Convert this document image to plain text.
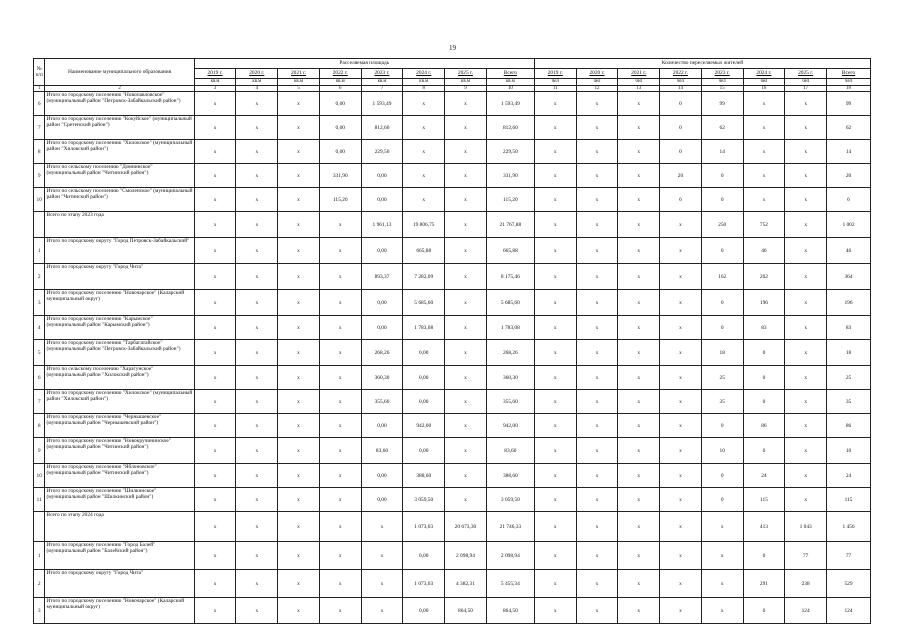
19
№ п/п	Наименование муниципального образования	Расселяемая площадь								Количество переселяемых жителей							
		2019 г.	2020 г.	2021 г.	2022 г.	2023 г.	2024 г.	2025 г.	Всего	2019 г.	2020 г.	2021 г.	2022 г.	2023 г.	2024 г.	2025 г.	Всего
		кв.м	кв.м	кв.м	кв.м	кв.м	кв.м	кв.м	кв.м	чел	чел	чел	чел	чел	чел	чел	чел
1	2	3	4	5	6	7	8	9	10	11	12	13	14	15	16	17	18
6	Итого по городскому поселению "Новопавловское" (муниципальный район "Петровск-Забайкальский район")	x	x	x	0,00	1 593,49	x	x	1 593,49	x	x	x	0	99	x	x	99
7	Итого по городскому поселению "Кокуйское" (муниципальный район "Сретенский район")	x	x	x	0,00	812,60	x	x	812,60	x	x	x	0	62	x	x	62
8	Итого по городскому поселению "Хилокское" (муниципальный район "Хилокский район")	x	x	x	0,00	229,50	x	x	229,50	x	x	x	0	14	x	x	14
9	Итого по сельскому поселению "Домнинское" (муниципальный район "Читинский район")	x	x	x	331,90	0,00	x	x	331,90	x	x	x	20	0	x	x	20
10	Итого по сельскому поселению "Смоленское" (муниципальный район "Читинский район")	x	x	x	115,20	0,00	x	x	115,20	x	x	x	6	0	x	x	6
	Всего по этапу 2023 года	x	x	x	x	1 961,13	19 806,75	x	21 767,88	x	x	x	x	250	752	x	1 002
1	Итого по городскому округу "Город Петровск-Забайкальский"	x	x	x	x	0,00	665,88	x	665,88	x	x	x	x	0	46	x	46
2	Итого по городскому округу "Город Чита"	x	x	x	x	893,37	7 282,09	x	8 175,46	x	x	x	x	162	202	x	364
3	Итого по городскому поселению "Новочарское" (Каларский муниципальный округ)	x	x	x	x	0,00	5 685,60	x	5 685,60	x	x	x	x	0	196	x	196
4	Итого по городскому поселению "Карымское" (муниципальный район "Карымский район")	x	x	x	x	0,00	1 783,08	x	1 783,08	x	x	x	x	0	83	x	83
5	Итого по городскому поселению "Тарбагатайское" (муниципальный район "Петровск-Забайкальский район")	x	x	x	x	268,26	0,00	x	268,26	x	x	x	x	18	0	x	18
6	Итого по сельскому поселению "Харагунское" (муниципальный район "Хилокский район")	x	x	x	x	360,30	0,00	x	360,30	x	x	x	x	25	0	x	25
7	Итого по городскому поселению "Хилокское" (муниципальный район "Хилокский район")	x	x	x	x	355,60	0,00	x	355,60	x	x	x	x	35	0	x	35
8	Итого по городскому поселению "Чернышевское" (муниципальный район "Чернышевский район")	x	x	x	x	0,00	942,00	x	942,00	x	x	x	x	0	86	x	86
9	Итого по городскому поселению "Новокручининское" (муниципальный район "Читинский район")	x	x	x	x	83,60	0,00	x	83,60	x	x	x	x	10	0	x	10
10	Итого по городскому поселению "Яблоновское" (муниципальный район "Читинский район")	x	x	x	x	0,00	388,60	x	388,60	x	x	x	x	0	24	x	24
11	Итого по городскому поселению "Шилкинское" (муниципальный район "Шилкинский район")	x	x	x	x	0,00	3 059,50	x	3 059,50	x	x	x	x	0	115	x	115
	Всего по этапу 2024 года	x	x	x	x	x	1 073,03	20 673,30	21 746,33	x	x	x	x	x	413	1 043	1 456
1	Итого по городскому поселению "Город Балей" (муниципальный район "Балейский район")	x	x	x	x	x	0,00	2 098,94	2 098,94	x	x	x	x	x	0	77	77
2	Итого по городскому округу "Город Чита"	x	x	x	x	x	1 073,03	4 382,31	5 455,34	x	x	x	x	x	291	238	529
3	Итого по городскому поселению "Новочарское" (Каларский муниципальный округ)	x	x	x	x	x	0,00	864,50	864,50	x	x	x	x	x	0	124	124
